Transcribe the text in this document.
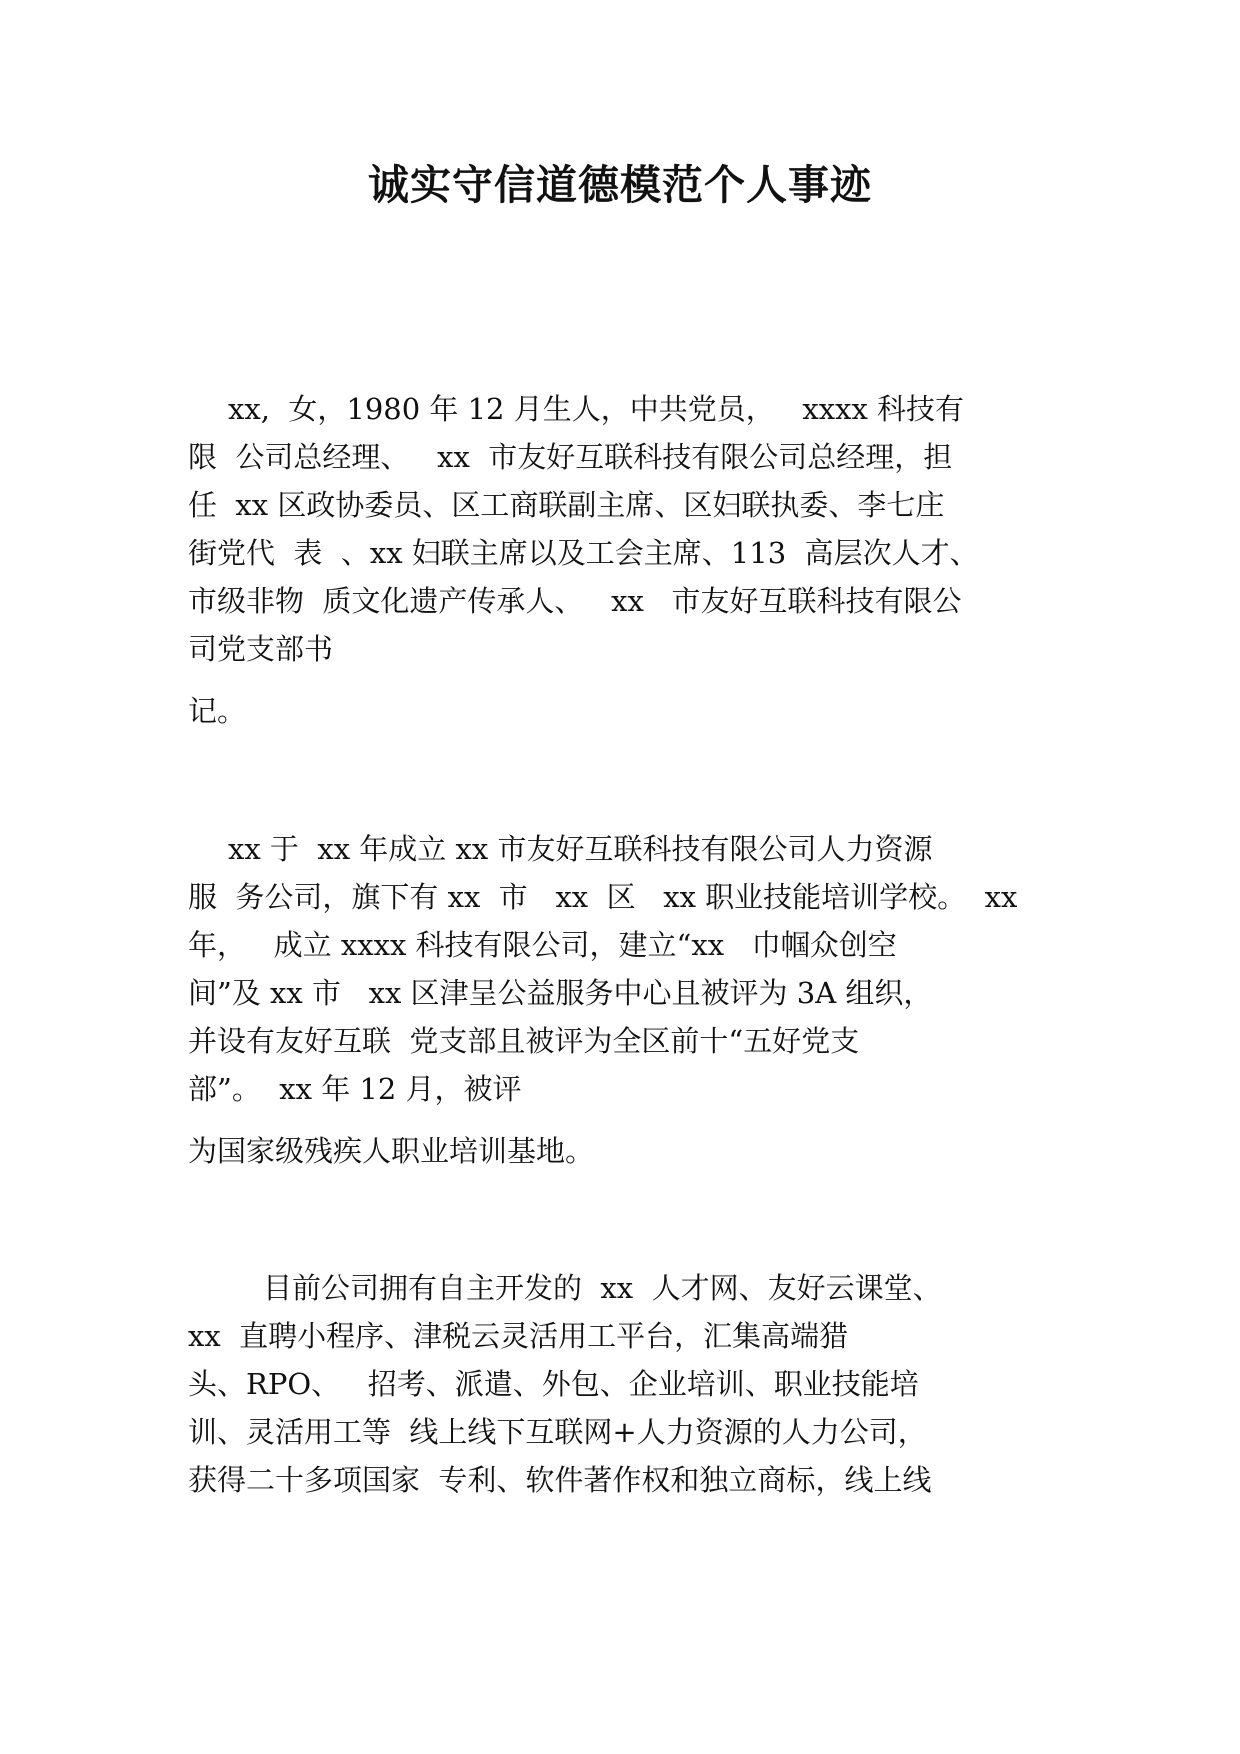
诚实守信道德模范个人事迹

xx,  女，1980 年 12 月生人，中共党员，   xxxx 科技有

限  公司总经理、   xx  市友好互联科技有限公司总经理，担

任  xx 区政协委员、区工商联副主席、区妇联执委、李七庄

街党代  表  、xx 妇联主席以及工会主席、113  高层次人才、

市级非物  质文化遗产传承人、   xx   市友好互联科技有限公

司党支部书

记。

xx 于  xx 年成立 xx 市友好互联科技有限公司人力资源

服  务公司，旗下有 xx  市   xx  区   xx 职业技能培训学校。  xx

年，   成立 xxxx 科技有限公司，建立“xx   巾帼众创空

间”及 xx 市   xx 区津呈公益服务中心且被评为 3A 组织，

并设有友好互联  党支部且被评为全区前十“五好党支

部”。  xx 年 12 月，被评

为国家级残疾人职业培训基地。

目前公司拥有自主开发的  xx  人才网、友好云课堂、

xx  直聘小程序、津税云灵活用工平台，汇集高端猎

头、RPO、   招考、派遣、外包、企业培训、职业技能培

训、灵活用工等  线上线下互联网+人力资源的人力公司，

获得二十多项国家  专利、软件著作权和独立商标，线上线
